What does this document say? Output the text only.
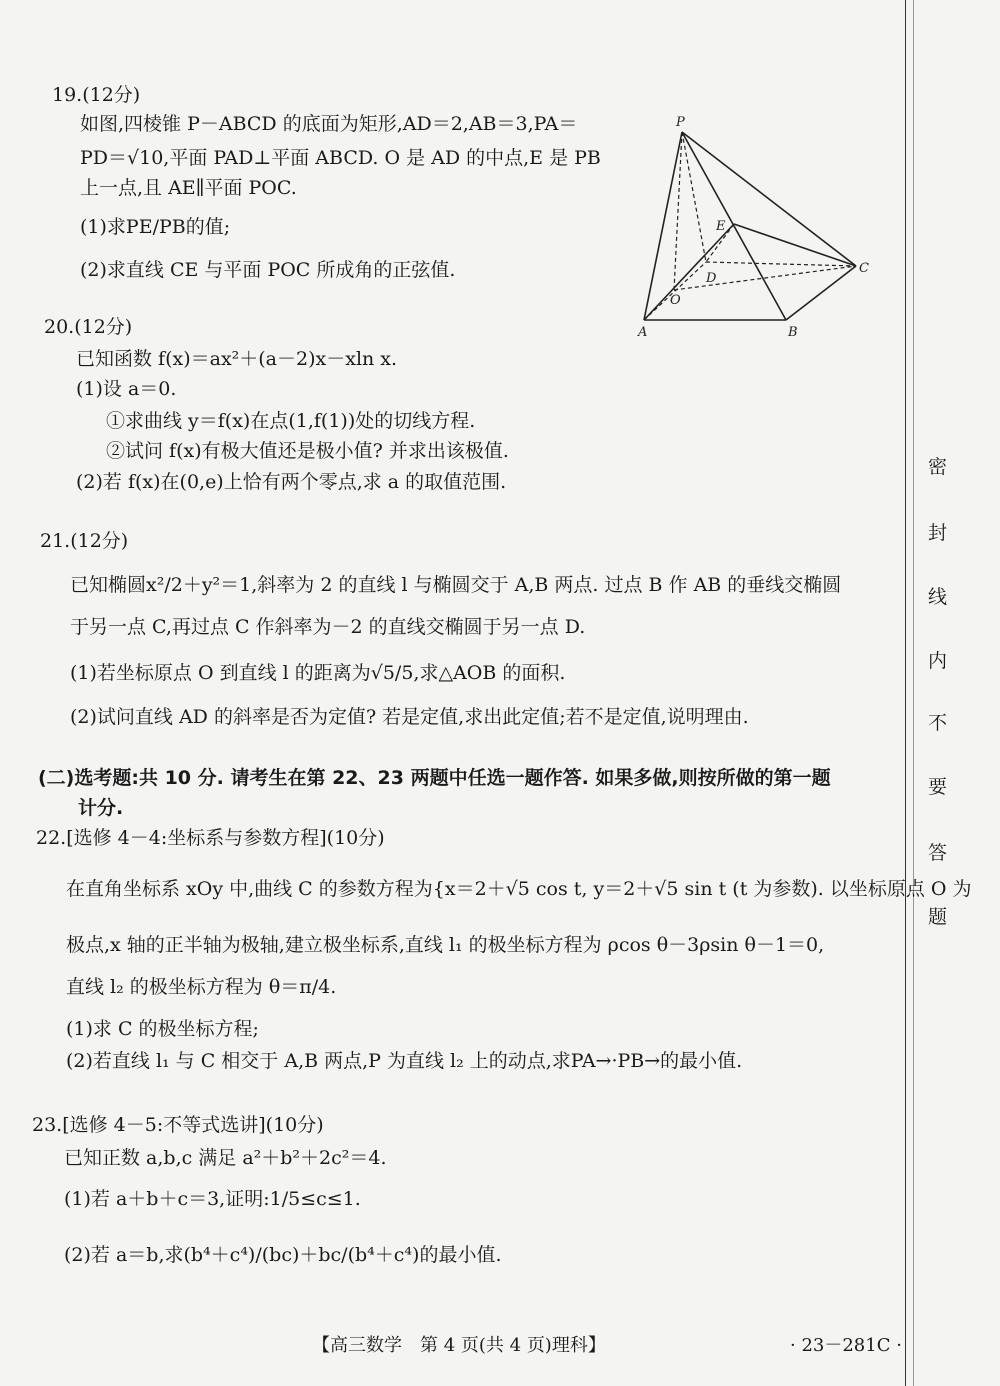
密
封
线
内
不
要
答
题
19.(12分)
如图,四棱锥 P－ABCD 的底面为矩形,AD＝2,AB＝3,PA＝
PD＝√10,平面 PAD⊥平面 ABCD. O 是 AD 的中点,E 是 PB
上一点,且 AE∥平面 POC.
(1)求PE/PB的值;
(2)求直线 CE 与平面 POC 所成角的正弦值.
P
E
D
C
O
A	B
20.(12分)
已知函数 f(x)＝ax²＋(a－2)x－xln x.
(1)设 a＝0.
①求曲线 y＝f(x)在点(1,f(1))处的切线方程.
②试问 f(x)有极大值还是极小值? 并求出该极值.
(2)若 f(x)在(0,e)上恰有两个零点,求 a 的取值范围.
21.(12分)
已知椭圆x²/2＋y²＝1,斜率为 2 的直线 l 与椭圆交于 A,B 两点. 过点 B 作 AB 的垂线交椭圆
于另一点 C,再过点 C 作斜率为－2 的直线交椭圆于另一点 D.
(1)若坐标原点 O 到直线 l 的距离为√5/5,求△AOB 的面积.
(2)试问直线 AD 的斜率是否为定值? 若是定值,求出此定值;若不是定值,说明理由.
(二)选考题:共 10 分. 请考生在第 22、23 两题中任选一题作答. 如果多做,则按所做的第一题
计分.
22.[选修 4－4:坐标系与参数方程](10分)
在直角坐标系 xOy 中,曲线 C 的参数方程为{x＝2＋√5 cos t, y＝2＋√5 sin t (t 为参数). 以坐标原点 O 为
极点,x 轴的正半轴为极轴,建立极坐标系,直线 l₁ 的极坐标方程为 ρcos θ－3ρsin θ－1＝0,
直线 l₂ 的极坐标方程为 θ＝π/4.
(1)求 C 的极坐标方程;
(2)若直线 l₁ 与 C 相交于 A,B 两点,P 为直线 l₂ 上的动点,求PA→·PB→的最小值.
23.[选修 4－5:不等式选讲](10分)
已知正数 a,b,c 满足 a²＋b²＋2c²＝4.
(1)若 a＋b＋c＝3,证明:1/5≤c≤1.
(2)若 a＝b,求(b⁴＋c⁴)/(bc)＋bc/(b⁴＋c⁴)的最小值.
【高三数学　第 4 页(共 4 页)理科】	· 23－281C ·
